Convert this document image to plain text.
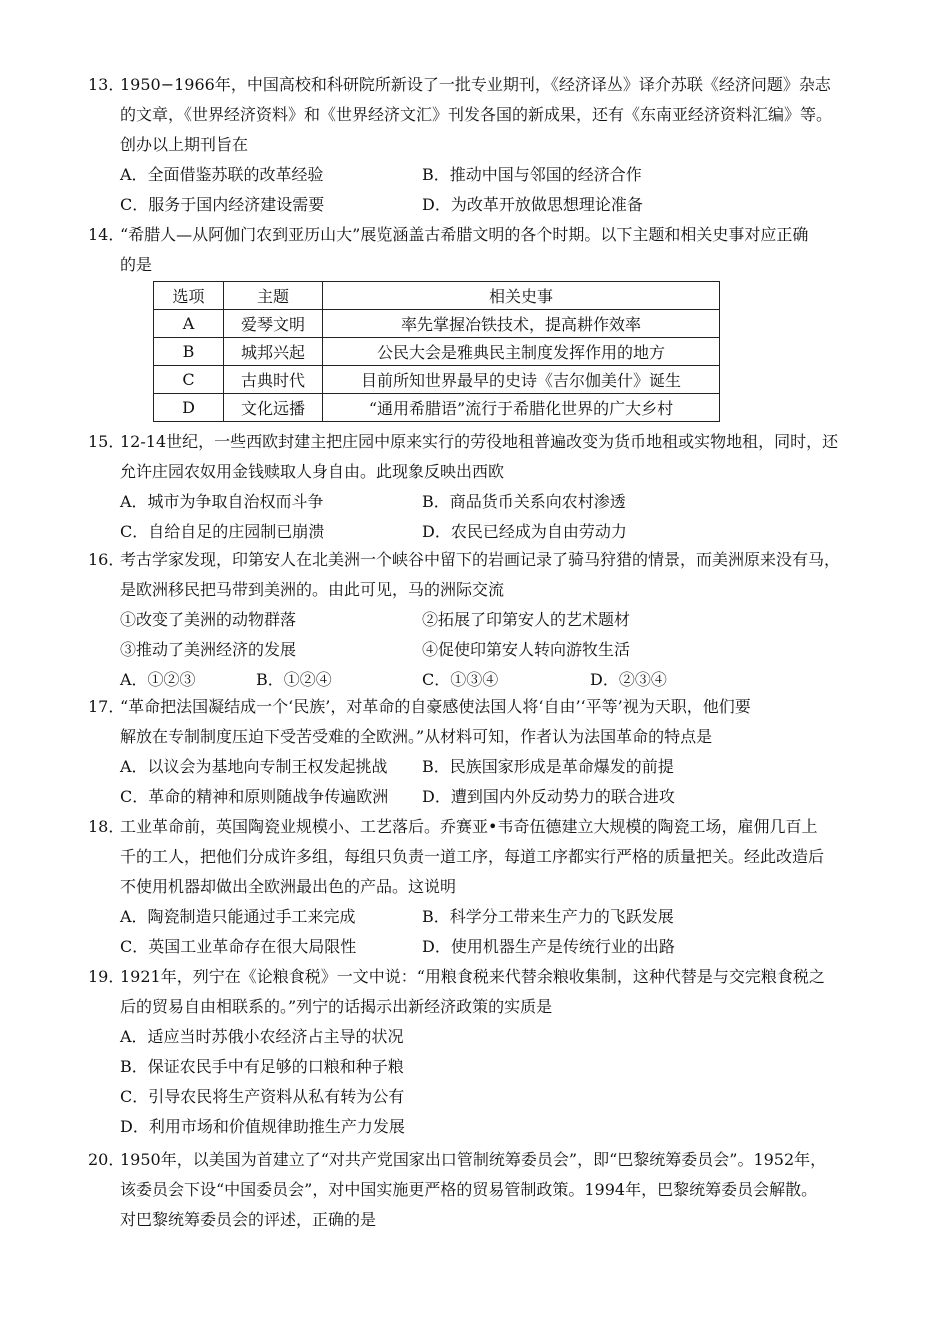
13．
1950−1966年，中国高校和科研院所新设了一批专业期刊，《经济译丛》译介苏联《经济问题》杂志
的文章，《世界经济资料》和《世界经济文汇》刊发各国的新成果，还有《东南亚经济资料汇编》等。
创办以上期刊旨在
A．全面借鉴苏联的改革经验	B．推动中国与邻国的经济合作
C．服务于国内经济建设需要	D．为改革开放做思想理论准备
14．
“希腊人—从阿伽门农到亚历山大”展览涵盖古希腊文明的各个时期。以下主题和相关史事对应正确
的是
选项	主题	相关史事
A	爱琴文明	率先掌握冶铁技术，提高耕作效率
B	城邦兴起	公民大会是雅典民主制度发挥作用的地方
C	古典时代	目前所知世界最早的史诗《吉尔伽美什》诞生
D	文化远播	“通用希腊语”流行于希腊化世界的广大乡村
15．
12-14世纪，一些西欧封建主把庄园中原来实行的劳役地租普遍改变为货币地租或实物地租，同时，还
允许庄园农奴用金钱赎取人身自由。此现象反映出西欧
A．城市为争取自治权而斗争	B．商品货币关系向农村渗透
C．自给自足的庄园制已崩溃	D．农民已经成为自由劳动力
16．
考古学家发现，印第安人在北美洲一个峡谷中留下的岩画记录了骑马狩猎的情景，而美洲原来没有马，
是欧洲移民把马带到美洲的。由此可见，马的洲际交流
①改变了美洲的动物群落	②拓展了印第安人的艺术题材
③推动了美洲经济的发展	④促使印第安人转向游牧生活
A．①②③	B．①②④	C．①③④	D．②③④
17．
“革命把法国凝结成一个‘民族’，对革命的自豪感使法国人将‘自由’‘平等’视为天职，他们要
解放在专制制度压迫下受苦受难的全欧洲。”从材料可知，作者认为法国革命的特点是
A．以议会为基地向专制王权发起挑战 B．民族国家形成是革命爆发的前提
C．革命的精神和原则随战争传遍欧洲 D．遭到国内外反动势力的联合进攻
18．
工业革命前，英国陶瓷业规模小、工艺落后。乔赛亚•韦奇伍德建立大规模的陶瓷工场，雇佣几百上
千的工人，把他们分成许多组，每组只负责一道工序，每道工序都实行严格的质量把关。经此改造后
不使用机器却做出全欧洲最出色的产品。这说明
A．陶瓷制造只能通过手工来完成	B．科学分工带来生产力的飞跃发展
C．英国工业革命存在很大局限性	D．使用机器生产是传统行业的出路
19．
1921年，列宁在《论粮食税》一文中说：“用粮食税来代替余粮收集制，这种代替是与交完粮食税之
后的贸易自由相联系的。”列宁的话揭示出新经济政策的实质是
A．适应当时苏俄小农经济占主导的状况
B．保证农民手中有足够的口粮和种子粮
C．引导农民将生产资料从私有转为公有
D．利用市场和价值规律助推生产力发展
20．
1950年，以美国为首建立了“对共产党国家出口管制统筹委员会”，即“巴黎统筹委员会”。1952年，
该委员会下设“中国委员会”，对中国实施更严格的贸易管制政策。1994年，巴黎统筹委员会解散。
对巴黎统筹委员会的评述，正确的是
